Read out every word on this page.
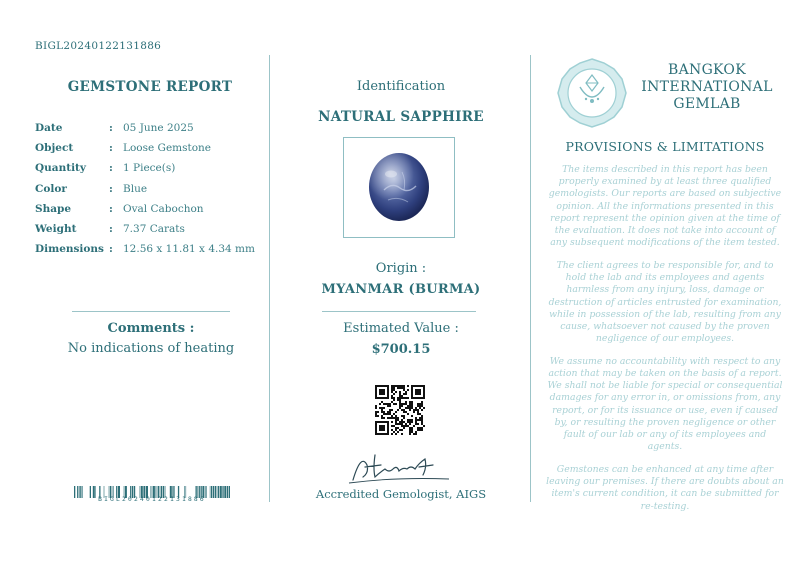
BIGL20240122131886
GEMSTONE REPORT
Date	: 05 June 2025
Object	: Loose Gemstone
Quantity	: 1 Piece(s)
Color	: Blue
Shape	: Oval Cabochon
Weight	: 7.37 Carats
Dimensions : 12.56 x 11.81 x 4.34 mm
Comments :
No indications of heating
BIGL20240122131886
Identification
NATURAL SAPPHIRE
Origin :
MYANMAR (BURMA)
Estimated Value :
$700.15
Accredited Gemologist, AIGS
BANGKOK
INTERNATIONAL
GEMLAB
PROVISIONS & LIMITATIONS

The items described in this report has been properly examined by at least three qualified gemologists. Our reports are based on subjective opinion. All the informations presented in this report represent the opinion given at the time of the evaluation. It does not take into account of any subsequent modifications of the item tested.

The client agrees to be responsible for, and to hold the lab and its employees and agents harmless from any injury, loss, damage or destruction of articles entrusted for examination, while in possession of the lab, resulting from any cause, whatsoever not caused by the proven negligence of our employees.

We assume no accountability with respect to any action that may be taken on the basis of a report. We shall not be liable for special or consequential damages for any error in, or omissions from, any report, or for its issuance or use, even if caused by, or resulting the proven negligence or other fault of our lab or any of its employees and agents.

Gemstones can be enhanced at any time after leaving our premises. If there are doubts about an item's current condition, it can be submitted for re-testing.
